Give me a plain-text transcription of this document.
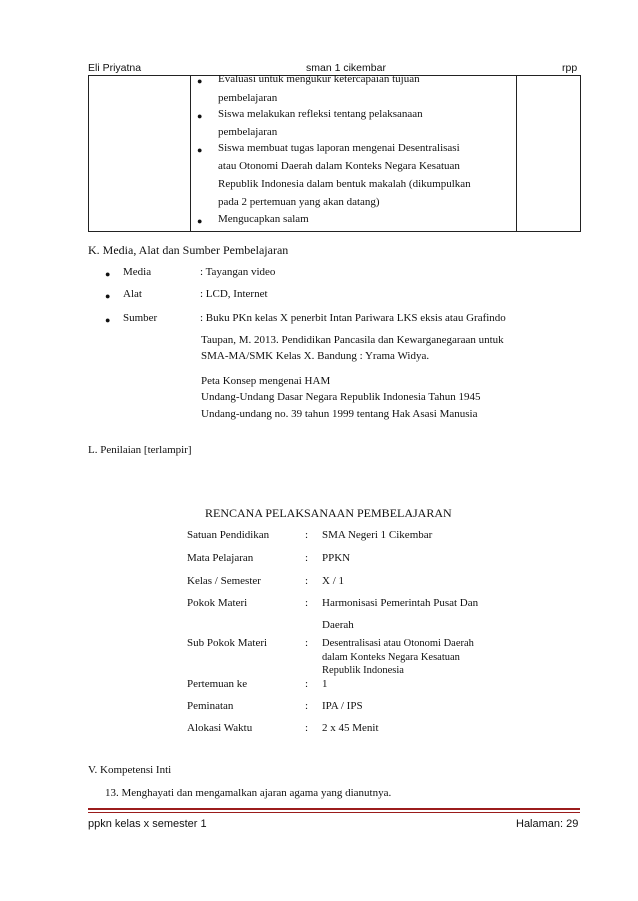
Eli Priyatna	sman 1 cikembar	rpp
● Evaluasi untuk mengukur ketercapaian tujuan
pembelajaran
● Siswa melakukan refleksi tentang pelaksanaan
pembelajaran
● Siswa membuat tugas laporan mengenai Desentralisasi
atau Otonomi Daerah dalam Konteks Negara Kesatuan
Republik Indonesia dalam bentuk makalah (dikumpulkan
pada 2 pertemuan yang akan datang)
● Mengucapkan salam
K. Media, Alat dan Sumber Pembelajaran
● Media	: Tayangan video
● Alat	: LCD, Internet
● Sumber	: Buku PKn kelas X penerbit Intan Pariwara LKS eksis atau Grafindo
Taupan, M. 2013. Pendidikan Pancasila dan Kewarganegaraan untuk
SMA-MA/SMK Kelas X. Bandung : Yrama Widya.
Peta Konsep mengenai HAM
Undang-Undang Dasar Negara Republik Indonesia Tahun 1945
Undang-undang no. 39 tahun 1999 tentang Hak Asasi Manusia
L. Penilaian [terlampir]
RENCANA PELAKSANAAN PEMBELAJARAN
Satuan Pendidikan	: SMA Negeri 1 Cikembar
Mata Pelajaran	: PPKN
Kelas / Semester	: X / 1
Pokok Materi	: Harmonisasi Pemerintah Pusat Dan
Daerah
Sub Pokok Materi	: Desentralisasi atau Otonomi Daerah
dalam Konteks Negara Kesatuan
Republik Indonesia
Pertemuan ke	: 1
Peminatan	: IPA / IPS
Alokasi Waktu	: 2 x 45 Menit
V. Kompetensi Inti
13. Menghayati dan mengamalkan ajaran agama yang dianutnya.
ppkn kelas x semester 1	Halaman: 29
